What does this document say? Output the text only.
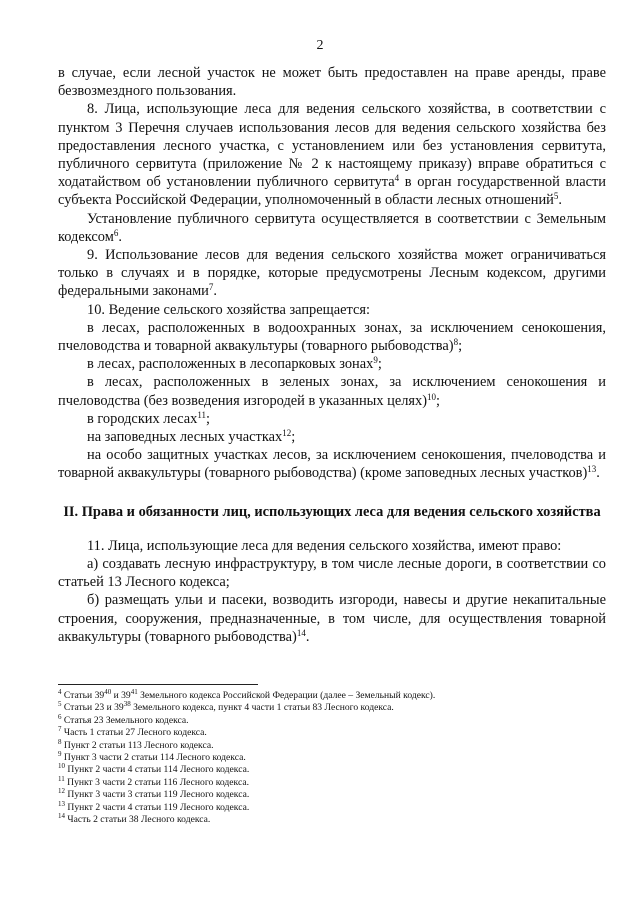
2

в случае, если лесной участок не может быть предоставлен на праве аренды, праве безвозмездного пользования.

8. Лица, использующие леса для ведения сельского хозяйства, в соответствии с пунктом 3 Перечня случаев использования лесов для ведения сельского хозяйства без предоставления лесного участка, с установлением или без установления сервитута, публичного сервитута (приложение № 2 к настоящему приказу) вправе обратиться с ходатайством об установлении публичного сервитута$^4$ в орган государственной власти субъекта Российской Федерации, уполномоченный в области лесных отношений$^5$.

Установление публичного сервитута осуществляется в соответствии с Земельным кодексом$^6$.

9. Использование лесов для ведения сельского хозяйства может ограничиваться только в случаях и в порядке, которые предусмотрены Лесным кодексом, другими федеральными законами$^7$.

10. Ведение сельского хозяйства запрещается:

в лесах, расположенных в водоохранных зонах, за исключением сенокошения, пчеловодства и товарной аквакультуры (товарного рыбоводства)$^8$;

в лесах, расположенных в лесопарковых зонах$^9$;

в лесах, расположенных в зеленых зонах, за исключением сенокошения и пчеловодства (без возведения изгородей в указанных целях)$^{10}$;

в городских лесах$^{11}$;

на заповедных лесных участках$^{12}$;

на особо защитных участках лесов, за исключением сенокошения, пчеловодства и товарной аквакультуры (товарного рыбоводства) (кроме заповедных лесных участков)$^{13}$.

II. Права и обязанности лиц, использующих леса для ведения сельского хозяйства

11. Лица, использующие леса для ведения сельского хозяйства, имеют право:

а) создавать лесную инфраструктуру, в том числе лесные дороги, в соответствии со статьей 13 Лесного кодекса;

б) размещать ульи и пасеки, возводить изгороди, навесы и другие некапитальные строения, сооружения, предназначенные, в том числе, для осуществления товарной аквакультуры (товарного рыбоводства)$^{14}$.

$^4$ Статьи $39^{40}$ и $39^{41}$ Земельного кодекса Российской Федерации (далее – Земельный кодекс).
$^5$ Статьи 23 и $39^{38}$ Земельного кодекса, пункт 4 части 1 статьи 83 Лесного кодекса.
$^6$ Статья 23 Земельного кодекса.
$^7$ Часть 1 статьи 27 Лесного кодекса.
$^8$ Пункт 2 статьи 113 Лесного кодекса.
$^9$ Пункт 3 части 2 статьи 114 Лесного кодекса.
$^{10}$ Пункт 2 части 4 статьи 114 Лесного кодекса.
$^{11}$ Пункт 3 части 2 статьи 116 Лесного кодекса.
$^{12}$ Пункт 3 части 3 статьи 119 Лесного кодекса.
$^{13}$ Пункт 2 части 4 статьи 119 Лесного кодекса.
$^{14}$ Часть 2 статьи 38 Лесного кодекса.
